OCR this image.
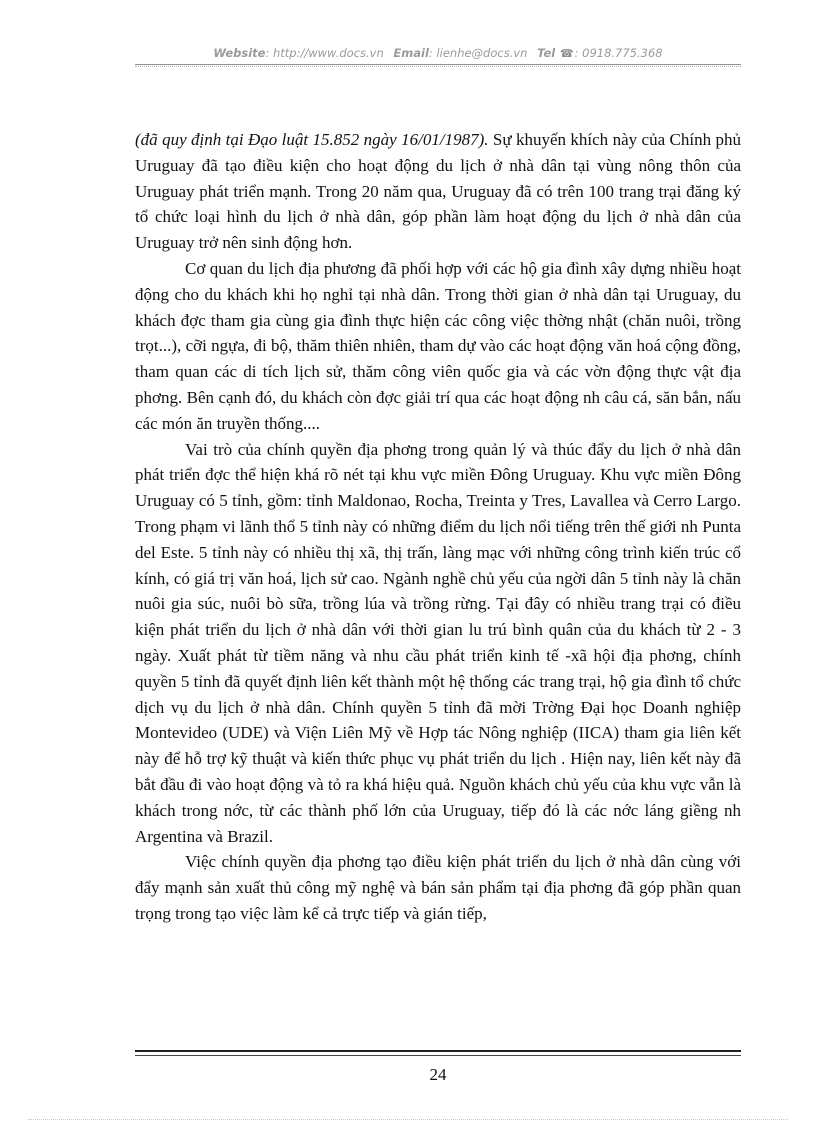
Website: http://www.docs.vn Email: lienhe@docs.vn Tel ☎: 0918.775.368

(đã quy định tại Đạo luật 15.852 ngày 16/01/1987). Sự khuyến khích này của Chính phủ Uruguay đã tạo điều kiện cho hoạt động du lịch ở nhà dân tại vùng nông thôn của Uruguay phát triển mạnh. Trong 20 năm qua, Uruguay đã có trên 100 trang trại đăng ký tổ chức loại hình du lịch ở nhà dân, góp phần làm hoạt động du lịch ở nhà dân của Uruguay trở nên sinh động hơn.

Cơ quan du lịch địa phương đã phối hợp với các hộ gia đình xây dựng nhiều hoạt động cho du khách khi họ nghỉ tại nhà dân. Trong thời gian ở nhà dân tại Uruguay, du khách đợc tham gia cùng gia đình thực hiện các công việc thờng nhật (chăn nuôi, trồng trọt...), cỡi ngựa, đi bộ, thăm thiên nhiên, tham dự vào các hoạt động văn hoá cộng đồng, tham quan các di tích lịch sử, thăm công viên quốc gia và các vờn động thực vật địa phơng. Bên cạnh đó, du khách còn đợc giải trí qua các hoạt động nh câu cá, săn bắn, nấu các món ăn truyền thống....

Vai trò của chính quyền địa phơng trong quản lý và thúc đẩy du lịch ở nhà dân phát triển đợc thể hiện khá rõ nét tại khu vực miền Đông Uruguay. Khu vực miền Đông Uruguay có 5 tỉnh, gồm: tỉnh Maldonao, Rocha, Treinta y Tres, Lavallea và Cerro Largo. Trong phạm vi lãnh thổ 5 tỉnh này có những điểm du lịch nổi tiếng trên thế giới nh Punta del Este. 5 tỉnh này có nhiều thị xã, thị trấn, làng mạc với những công trình kiến trúc cổ kính, có giá trị văn hoá, lịch sử cao. Ngành nghề chủ yếu của ngời dân 5 tỉnh này là chăn nuôi gia súc, nuôi bò sữa, trồng lúa và trồng rừng. Tại đây có nhiều trang trại có điều kiện phát triển du lịch ở nhà dân với thời gian lu trú bình quân của du khách từ 2 - 3 ngày. Xuất phát từ tiềm năng và nhu cầu phát triển kinh tế -xã hội địa phơng, chính quyền 5 tỉnh đã quyết định liên kết thành một hệ thống các trang trại, hộ gia đình tổ chức dịch vụ du lịch ở nhà dân. Chính quyền 5 tỉnh đã mời Trờng Đại học Doanh nghiệp Montevideo (UDE) và Viện Liên Mỹ về Hợp tác Nông nghiệp (IICA) tham gia liên kết này để hỗ trợ kỹ thuật và kiến thức phục vụ phát triển du lịch . Hiện nay, liên kết này đã bắt đầu đi vào hoạt động và tỏ ra khá hiệu quả. Nguồn khách chủ yếu của khu vực vẫn là khách trong nớc, từ các thành phố lớn của Uruguay, tiếp đó là các nớc láng giềng nh Argentina và Brazil.

Việc chính quyền địa phơng tạo điều kiện phát triển du lịch ở nhà dân cùng với đẩy mạnh sản xuất thủ công mỹ nghệ và bán sản phẩm tại địa phơng đã góp phần quan trọng trong tạo việc làm kể cả trực tiếp và gián tiếp,

24
